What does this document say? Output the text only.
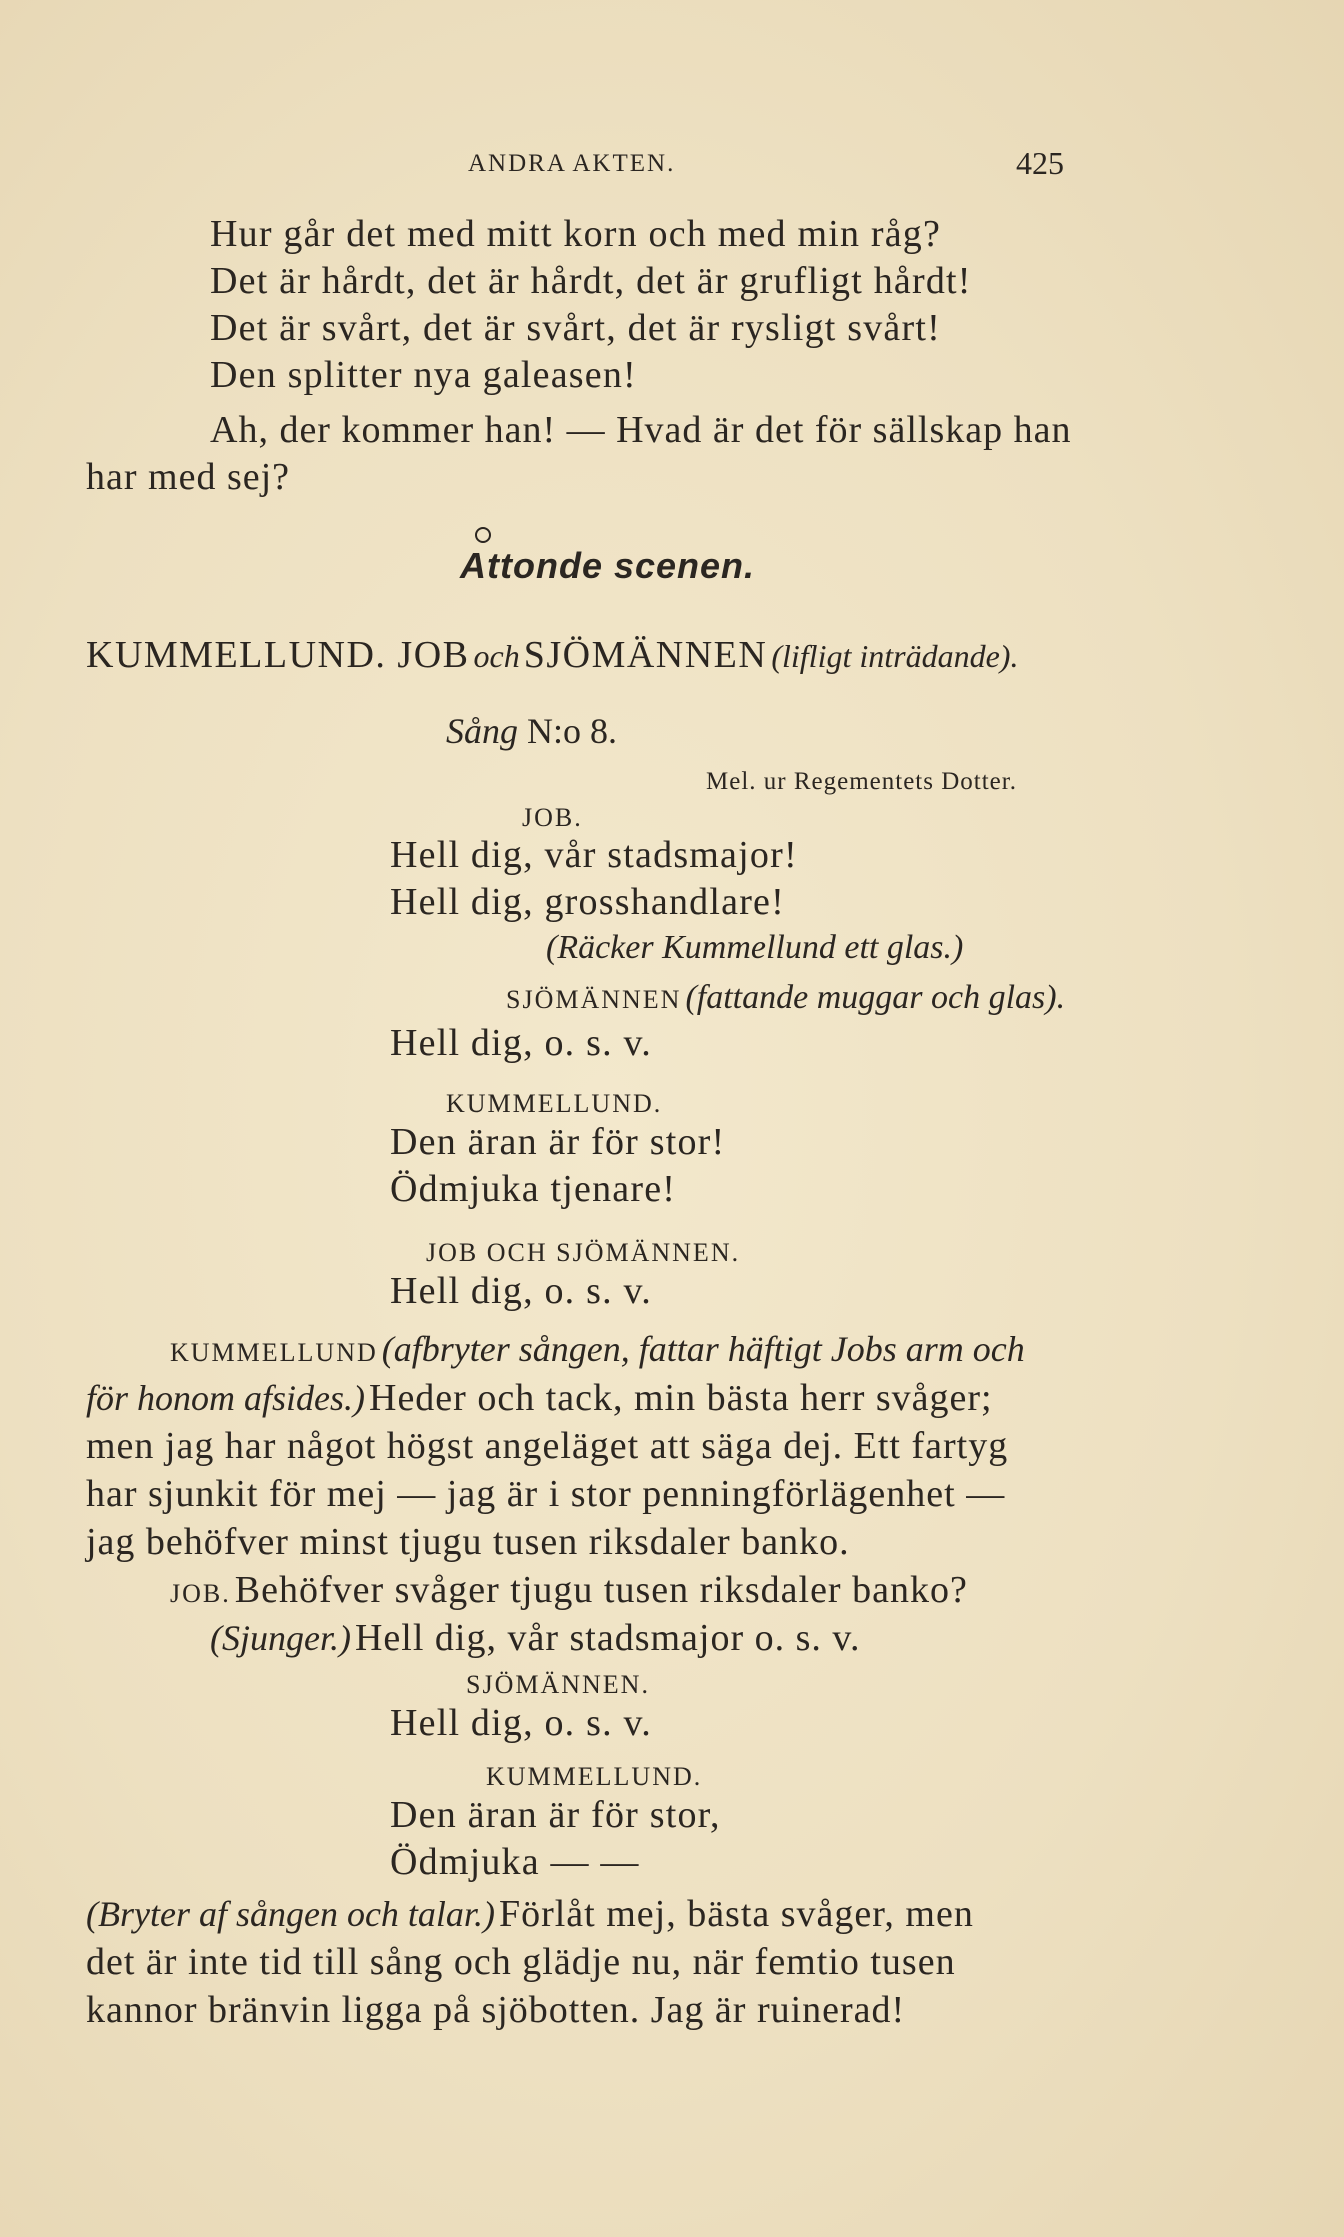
ANDRA AKTEN.	425
Hur går det med mitt korn och med min råg?
Det är hårdt, det är hårdt, det är grufligt hårdt!
Det är svårt, det är svårt, det är rysligt svårt!
Den splitter nya galeasen!
Ah, der kommer han! — Hvad är det för sällskap han
har med sej?
Attonde scenen.
KUMMELLUND. JOB och SJÖMÄNNEN (lifligt inträdande).
Sång N:o 8.
Mel. ur Regementets Dotter.
JOB.
Hell dig, vår stadsmajor!
Hell dig, grosshandlare!
(Räcker Kummellund ett glas.)
SJÖMÄNNEN (fattande muggar och glas).
Hell dig, o. s. v.
KUMMELLUND.
Den äran är för stor!
Ödmjuka tjenare!
JOB OCH SJÖMÄNNEN.
Hell dig, o. s. v.
KUMMELLUND (afbryter sången, fattar häftigt Jobs arm och
för honom afsides.) Heder och tack, min bästa herr svåger;
men jag har något högst angeläget att säga dej. Ett fartyg
har sjunkit för mej — jag är i stor penningförlägenhet —
jag behöfver minst tjugu tusen riksdaler banko.
JOB. Behöfver svåger tjugu tusen riksdaler banko?
(Sjunger.) Hell dig, vår stadsmajor o. s. v.
SJÖMÄNNEN.
Hell dig, o. s. v.
KUMMELLUND.
Den äran är för stor,
Ödmjuka — —
(Bryter af sången och talar.) Förlåt mej, bästa svåger, men
det är inte tid till sång och glädje nu, när femtio tusen
kannor bränvin ligga på sjöbotten. Jag är ruinerad!
